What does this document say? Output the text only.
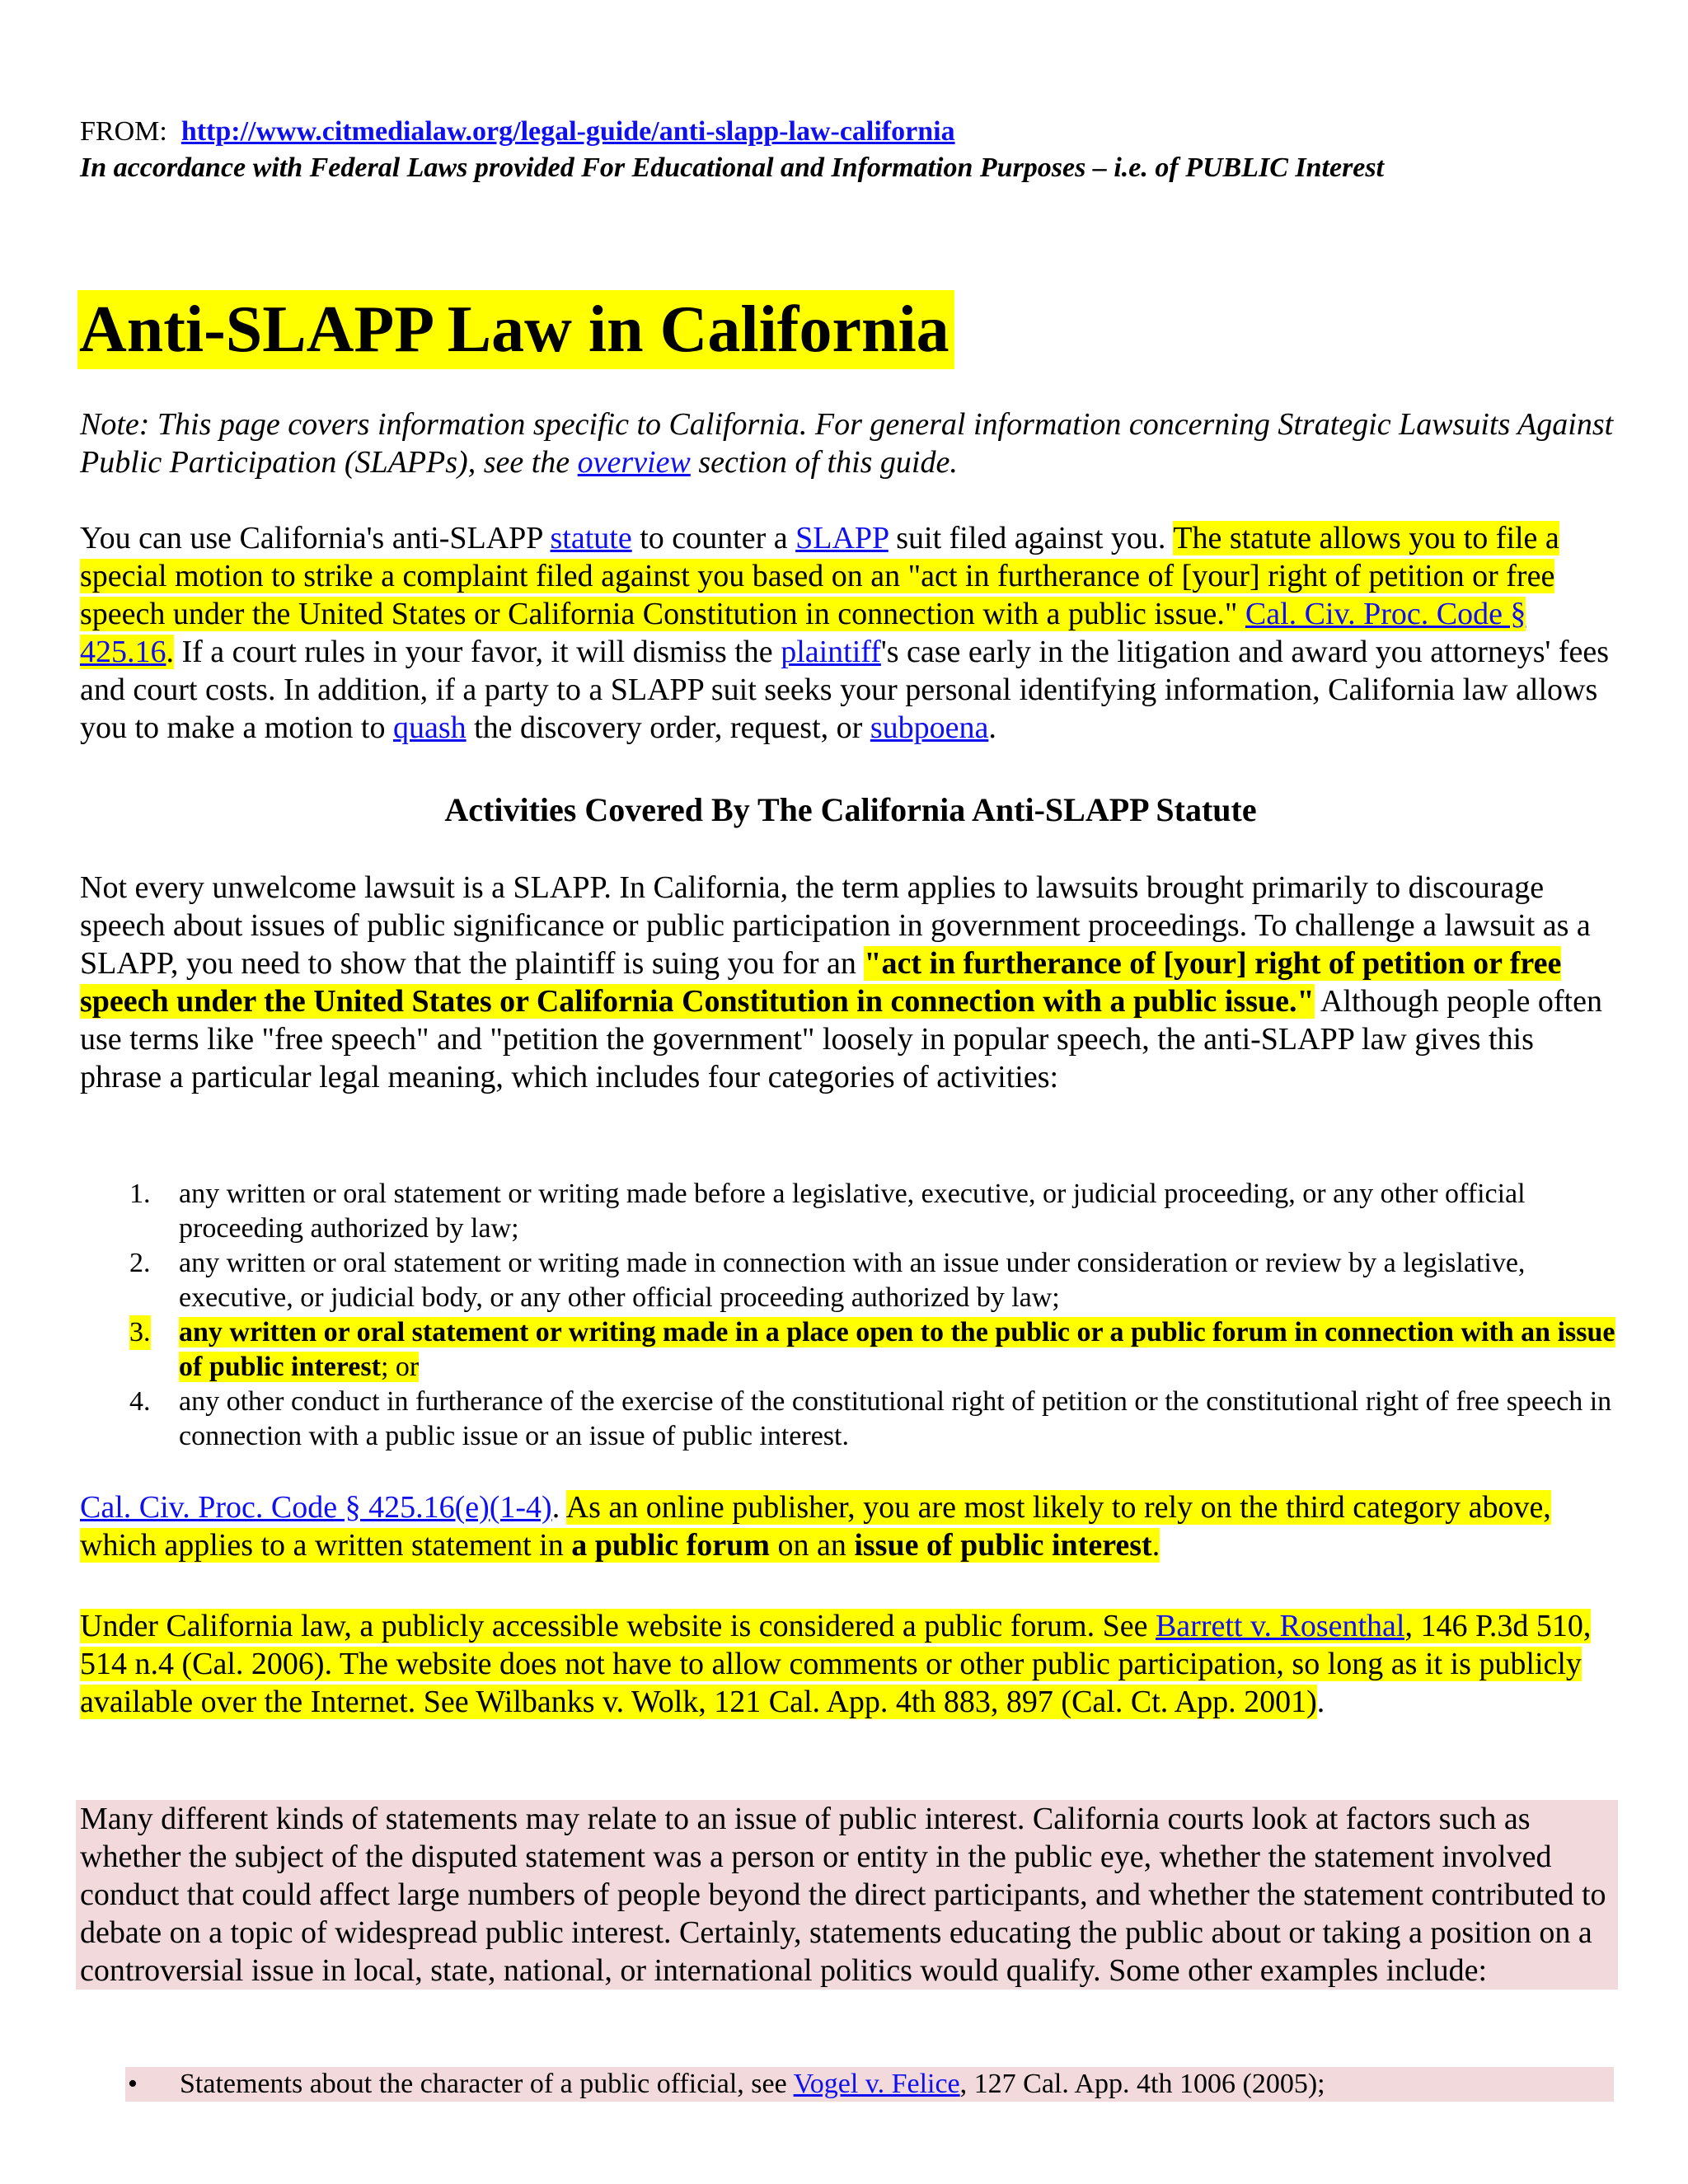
FROM: http://www.citmedialaw.org/legal-guide/anti-slapp-law-california
In accordance with Federal Laws provided For Educational and Information Purposes – i.e. of PUBLIC Interest
Anti-SLAPP Law in California
Note: This page covers information specific to California. For general information concerning Strategic Lawsuits Against Public Participation (SLAPPs), see the overview section of this guide.
You can use California's anti-SLAPP statute to counter a SLAPP suit filed against you. The statute allows you to file a special motion to strike a complaint filed against you based on an "act in furtherance of [your] right of petition or free speech under the United States or California Constitution in connection with a public issue." Cal. Civ. Proc. Code § 425.16. If a court rules in your favor, it will dismiss the plaintiff's case early in the litigation and award you attorneys' fees and court costs. In addition, if a party to a SLAPP suit seeks your personal identifying information, California law allows you to make a motion to quash the discovery order, request, or subpoena.
Activities Covered By The California Anti-SLAPP Statute
Not every unwelcome lawsuit is a SLAPP. In California, the term applies to lawsuits brought primarily to discourage speech about issues of public significance or public participation in government proceedings. To challenge a lawsuit as a SLAPP, you need to show that the plaintiff is suing you for an "act in furtherance of [your] right of petition or free speech under the United States or California Constitution in connection with a public issue." Although people often use terms like "free speech" and "petition the government" loosely in popular speech, the anti-SLAPP law gives this phrase a particular legal meaning, which includes four categories of activities:
1. any written or oral statement or writing made before a legislative, executive, or judicial proceeding, or any other official proceeding authorized by law;
2. any written or oral statement or writing made in connection with an issue under consideration or review by a legislative, executive, or judicial body, or any other official proceeding authorized by law;
3. any written or oral statement or writing made in a place open to the public or a public forum in connection with an issue of public interest; or
4. any other conduct in furtherance of the exercise of the constitutional right of petition or the constitutional right of free speech in connection with a public issue or an issue of public interest.
Cal. Civ. Proc. Code § 425.16(e)(1-4). As an online publisher, you are most likely to rely on the third category above, which applies to a written statement in a public forum on an issue of public interest.
Under California law, a publicly accessible website is considered a public forum. See Barrett v. Rosenthal, 146 P.3d 510, 514 n.4 (Cal. 2006). The website does not have to allow comments or other public participation, so long as it is publicly available over the Internet. See Wilbanks v. Wolk, 121 Cal. App. 4th 883, 897 (Cal. Ct. App. 2001).
Many different kinds of statements may relate to an issue of public interest. California courts look at factors such as whether the subject of the disputed statement was a person or entity in the public eye, whether the statement involved conduct that could affect large numbers of people beyond the direct participants, and whether the statement contributed to debate on a topic of widespread public interest. Certainly, statements educating the public about or taking a position on a controversial issue in local, state, national, or international politics would qualify. Some other examples include:
• Statements about the character of a public official, see Vogel v. Felice, 127 Cal. App. 4th 1006 (2005);
